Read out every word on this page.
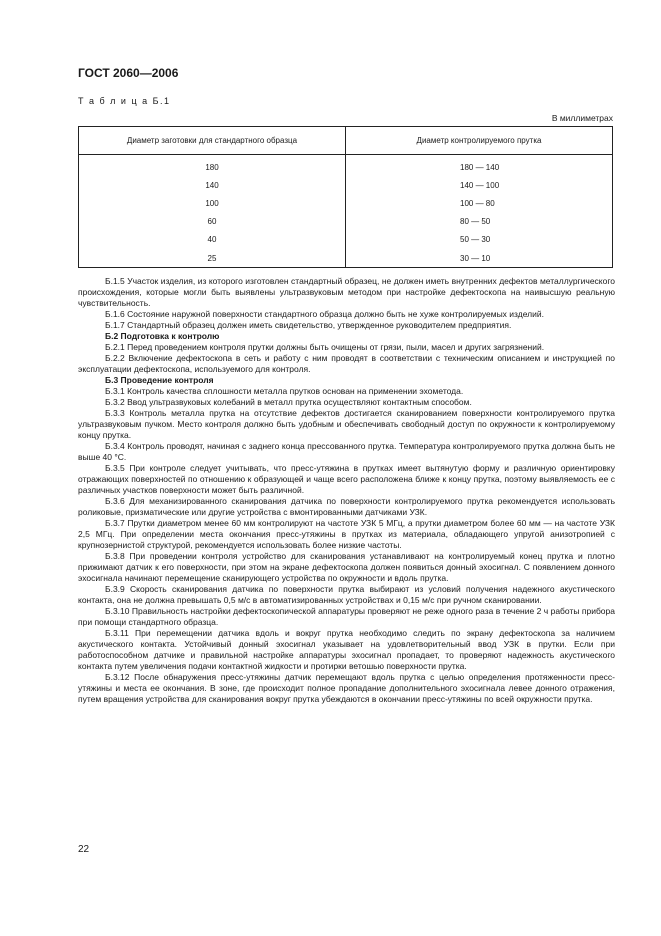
ГОСТ 2060—2006
Т а б л и ц а Б.1
В миллиметрах
Диаметр заготовки для стандартного образца	Диаметр контролируемого прутка
180	180 — 140
140	140 — 100
100	100 — 80
60	80 — 50
40	50 — 30
25	30 — 10

Б.1.5 Участок изделия, из которого изготовлен стандартный образец, не должен иметь внутренних дефектов металлургического происхождения, которые могли быть выявлены ультразвуковым методом при настройке дефектоскопа на наивысшую реальную чувствительность.

Б.1.6 Состояние наружной поверхности стандартного образца должно быть не хуже контролируемых изделий.

Б.1.7 Стандартный образец должен иметь свидетельство, утвержденное руководителем предприятия.

Б.2 Подготовка к контролю

Б.2.1 Перед проведением контроля прутки должны быть очищены от грязи, пыли, масел и других загрязнений.

Б.2.2 Включение дефектоскопа в сеть и работу с ним проводят в соответствии с техническим описанием и инструкцией по эксплуатации дефектоскопа, используемого для контроля.

Б.3 Проведение контроля

Б.3.1 Контроль качества сплошности металла прутков основан на применении эхометода.

Б.3.2 Ввод ультразвуковых колебаний в металл прутка осуществляют контактным способом.

Б.3.3 Контроль металла прутка на отсутствие дефектов достигается сканированием поверхности контролируемого прутка ультразвуковым пучком. Место контроля должно быть удобным и обеспечивать свободный доступ по окружности к контролируемому концу прутка.

Б.3.4 Контроль проводят, начиная с заднего конца прессованного прутка. Температура контролируемого прутка должна быть не выше 40 °С.

Б.3.5 При контроле следует учитывать, что пресс-утяжина в прутках имеет вытянутую форму и различную ориентировку отражающих поверхностей по отношению к образующей и чаще всего расположена ближе к концу прутка, поэтому выявляемость ее с различных участков поверхности может быть различной.

Б.3.6 Для механизированного сканирования датчика по поверхности контролируемого прутка рекомендуется использовать роликовые, призматические или другие устройства с вмонтированными датчиками УЗК.

Б.3.7 Прутки диаметром менее 60 мм контролируют на частоте УЗК 5 МГц, а прутки диаметром более 60 мм — на частоте УЗК 2,5 МГц. При определении места окончания пресс-утяжины в прутках из материала, обладающего упругой анизотропией с крупнозернистой структурой, рекомендуется использовать более низкие частоты.

Б.3.8 При проведении контроля устройство для сканирования устанавливают на контролируемый конец прутка и плотно прижимают датчик к его поверхности, при этом на экране дефектоскопа должен появиться донный эхосигнал. С появлением донного эхосигнала начинают перемещение сканирующего устройства по окружности и вдоль прутка.

Б.3.9 Скорость сканирования датчика по поверхности прутка выбирают из условий получения надежного акустического контакта, она не должна превышать 0,5 м/с в автоматизированных устройствах и 0,15 м/с при ручном сканировании.

Б.3.10 Правильность настройки дефектоскопической аппаратуры проверяют не реже одного раза в течение 2 ч работы прибора при помощи стандартного образца.

Б.3.11 При перемещении датчика вдоль и вокруг прутка необходимо следить по экрану дефектоскопа за наличием акустического контакта. Устойчивый донный эхосигнал указывает на удовлетворительный ввод УЗК в прутки. Если при работоспособном датчике и правильной настройке аппаратуры эхосигнал пропадает, то проверяют надежность акустического контакта путем увеличения подачи контактной жидкости и протирки ветошью поверхности прутка.

Б.3.12 После обнаружения пресс-утяжины датчик перемещают вдоль прутка с целью определения протяженности пресс-утяжины и места ее окончания. В зоне, где происходит полное пропадание дополнительного эхосигнала левее донного отражения, путем вращения устройства для сканирования вокруг прутка убеждаются в окончании пресс-утяжины по всей окружности прутка.

22
